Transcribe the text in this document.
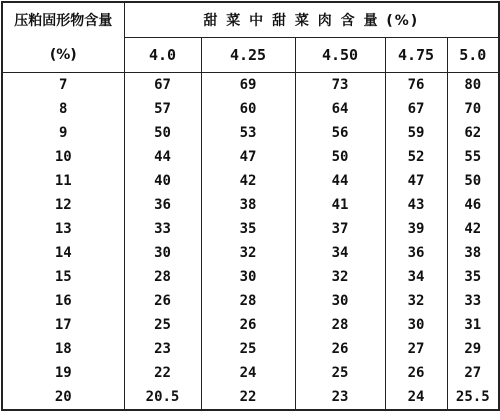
压粕固形物含量	甜 菜 中 甜 菜 肉 含 量 (%)				
(%)	4.0	4.25	4.50	4.75	5.0
7	67	69	73	76	80
8	57	60	64	67	70
9	50	53	56	59	62
10	44	47	50	52	55
11	40	42	44	47	50
12	36	38	41	43	46
13	33	35	37	39	42
14	30	32	34	36	38
15	28	30	32	34	35
16	26	28	30	32	33
17	25	26	28	30	31
18	23	25	26	27	29
19	22	24	25	26	27
20	20.5	22	23	24	25.5
